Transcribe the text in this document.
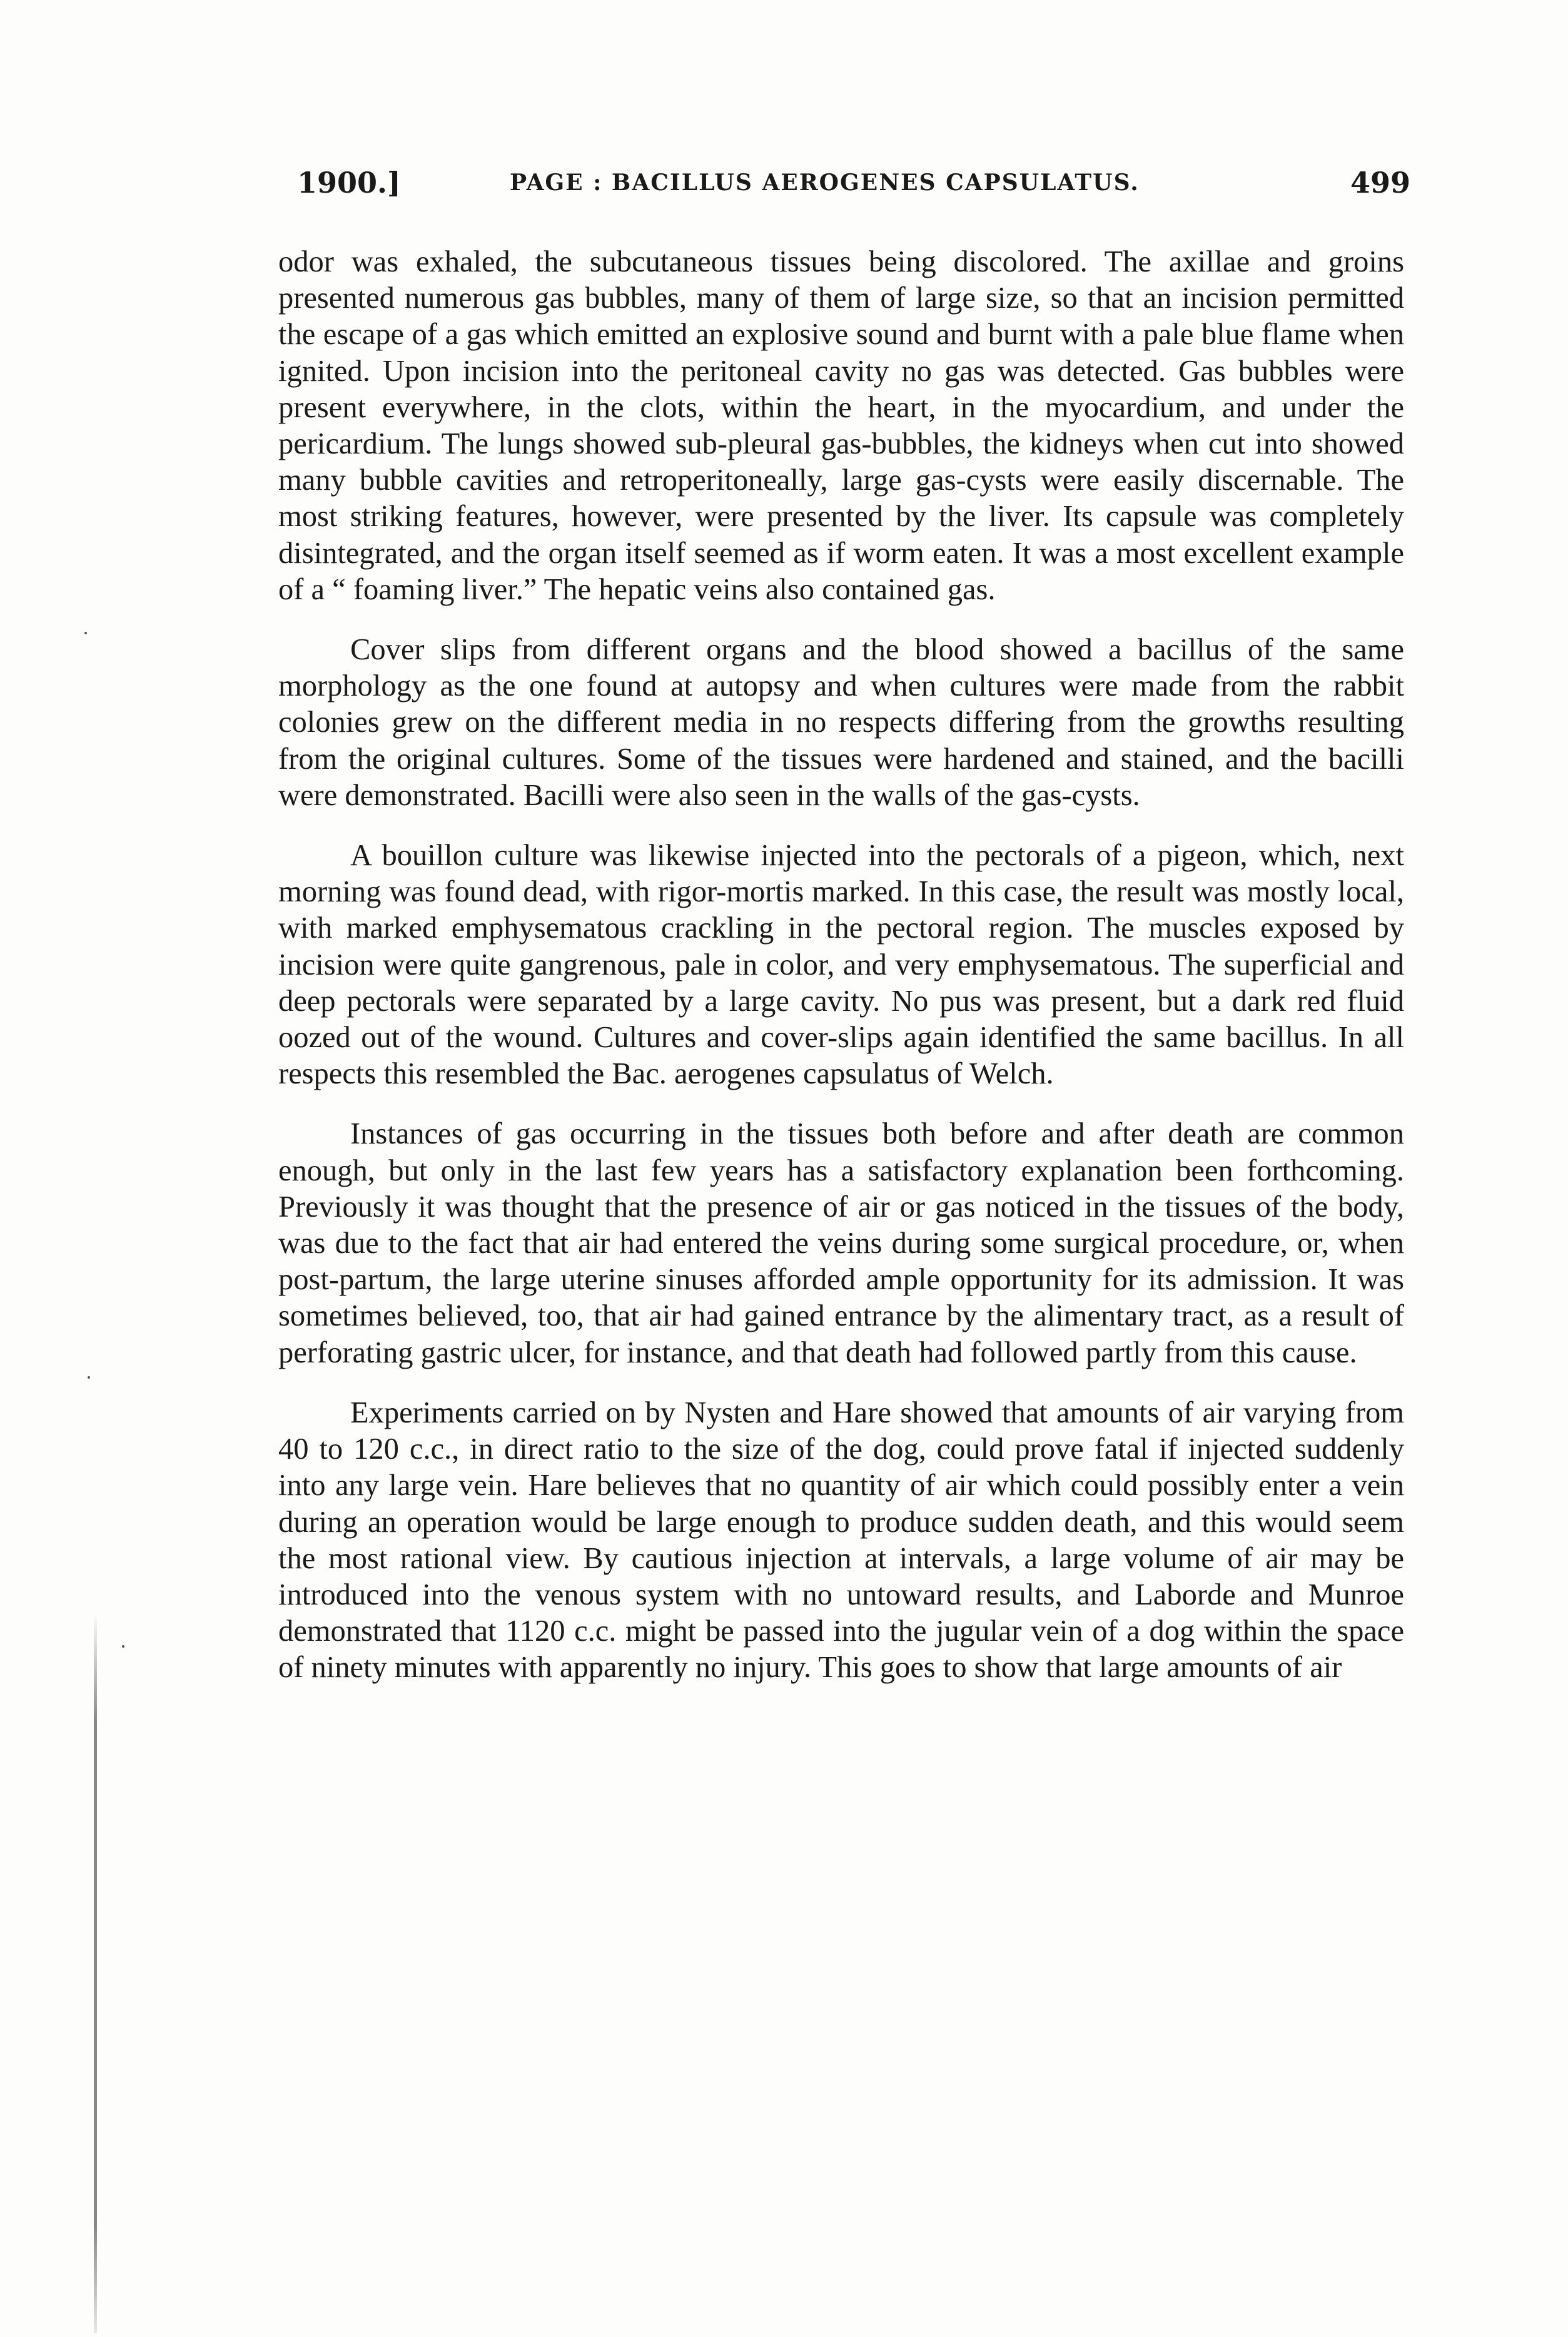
1900.]	PAGE : BACILLUS AEROGENES CAPSULATUS.	499

odor was exhaled, the subcutaneous tissues being discolored. The axillae and groins presented numerous gas bubbles, many of them of large size, so that an incision permitted the escape of a gas which emitted an explosive sound and burnt with a pale blue flame when ignited. Upon incision into the peritoneal cavity no gas was detected. Gas bubbles were present everywhere, in the clots, within the heart, in the myocardium, and under the pericardium. The lungs showed sub-pleural gas-bubbles, the kidneys when cut into showed many bubble cavities and retroperitoneally, large gas-cysts were easily discernable. The most striking features, however, were presented by the liver. Its capsule was completely disintegrated, and the organ itself seemed as if worm eaten. It was a most excellent example of a “ foaming liver.” The hepatic veins also contained gas.

Cover slips from different organs and the blood showed a bacillus of the same morphology as the one found at autopsy and when cultures were made from the rabbit colonies grew on the different media in no respects differing from the growths resulting from the original cultures. Some of the tissues were hardened and stained, and the bacilli were demonstrated. Bacilli were also seen in the walls of the gas-cysts.

A bouillon culture was likewise injected into the pectorals of a pigeon, which, next morning was found dead, with rigor-mortis marked. In this case, the result was mostly local, with marked emphysematous crackling in the pectoral region. The muscles exposed by incision were quite gangrenous, pale in color, and very emphysematous. The superficial and deep pectorals were separated by a large cavity. No pus was present, but a dark red fluid oozed out of the wound. Cultures and cover-slips again identified the same bacillus. In all respects this resembled the Bac. aerogenes capsulatus of Welch.

Instances of gas occurring in the tissues both before and after death are common enough, but only in the last few years has a satisfactory explanation been forthcoming. Previously it was thought that the presence of air or gas noticed in the tissues of the body, was due to the fact that air had entered the veins during some surgical procedure, or, when post-partum, the large uterine sinuses afforded ample opportunity for its admission. It was sometimes believed, too, that air had gained entrance by the alimentary tract, as a result of perforating gastric ulcer, for instance, and that death had followed partly from this cause.

Experiments carried on by Nysten and Hare showed that amounts of air varying from 40 to 120 c.c., in direct ratio to the size of the dog, could prove fatal if injected suddenly into any large vein. Hare believes that no quantity of air which could possibly enter a vein during an operation would be large enough to produce sudden death, and this would seem the most rational view. By cautious injection at intervals, a large volume of air may be introduced into the venous system with no untoward results, and Laborde and Munroe demonstrated that 1120 c.c. might be passed into the jugular vein of a dog within the space of ninety minutes with apparently no injury. This goes to show that large amounts of air
